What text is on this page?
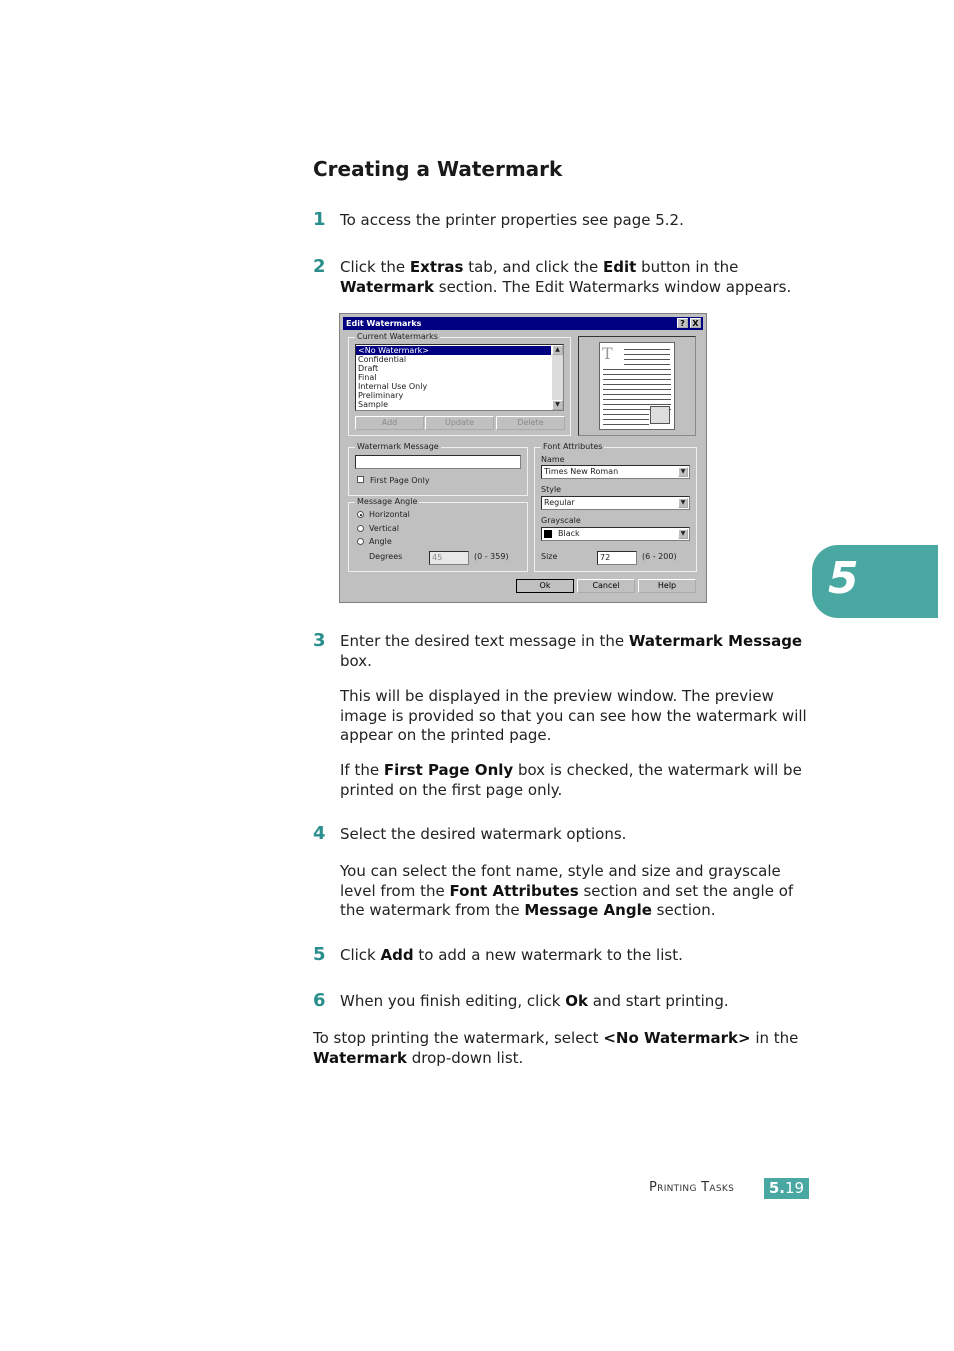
Creating a Watermark
1 To access the printer properties see page 5.2.
2 Click the Extras tab, and click the Edit button in the Watermark section. The Edit Watermarks window appears.
Edit Watermarks	? X
Current Watermarks
<No Watermark>
Confidential
Draft
Final
Internal Use Only
Preliminary
Sample
▲
▼
Add	Update	Delete
T
Watermark Message
First Page Only
Message Angle
Horizontal
Vertical
Angle
Degrees	45	(0 - 359)
Font Attributes
Name
Times New Roman	▼
Style
Regular	▼
Grayscale
Black	▼
Size	72	(6 - 200)
Ok	Cancel	Help
3 Enter the desired text message in the Watermark Message box.
This will be displayed in the preview window. The preview image is provided so that you can see how the watermark will appear on the printed page.
If the First Page Only box is checked, the watermark will be printed on the first page only.
4 Select the desired watermark options.
You can select the font name, style and size and grayscale level from the Font Attributes section and set the angle of the watermark from the Message Angle section.
5 Click Add to add a new watermark to the list.
6 When you finish editing, click Ok and start printing.
To stop printing the watermark, select <No Watermark> in the Watermark drop-down list.
5
Printing Tasks	5.19
